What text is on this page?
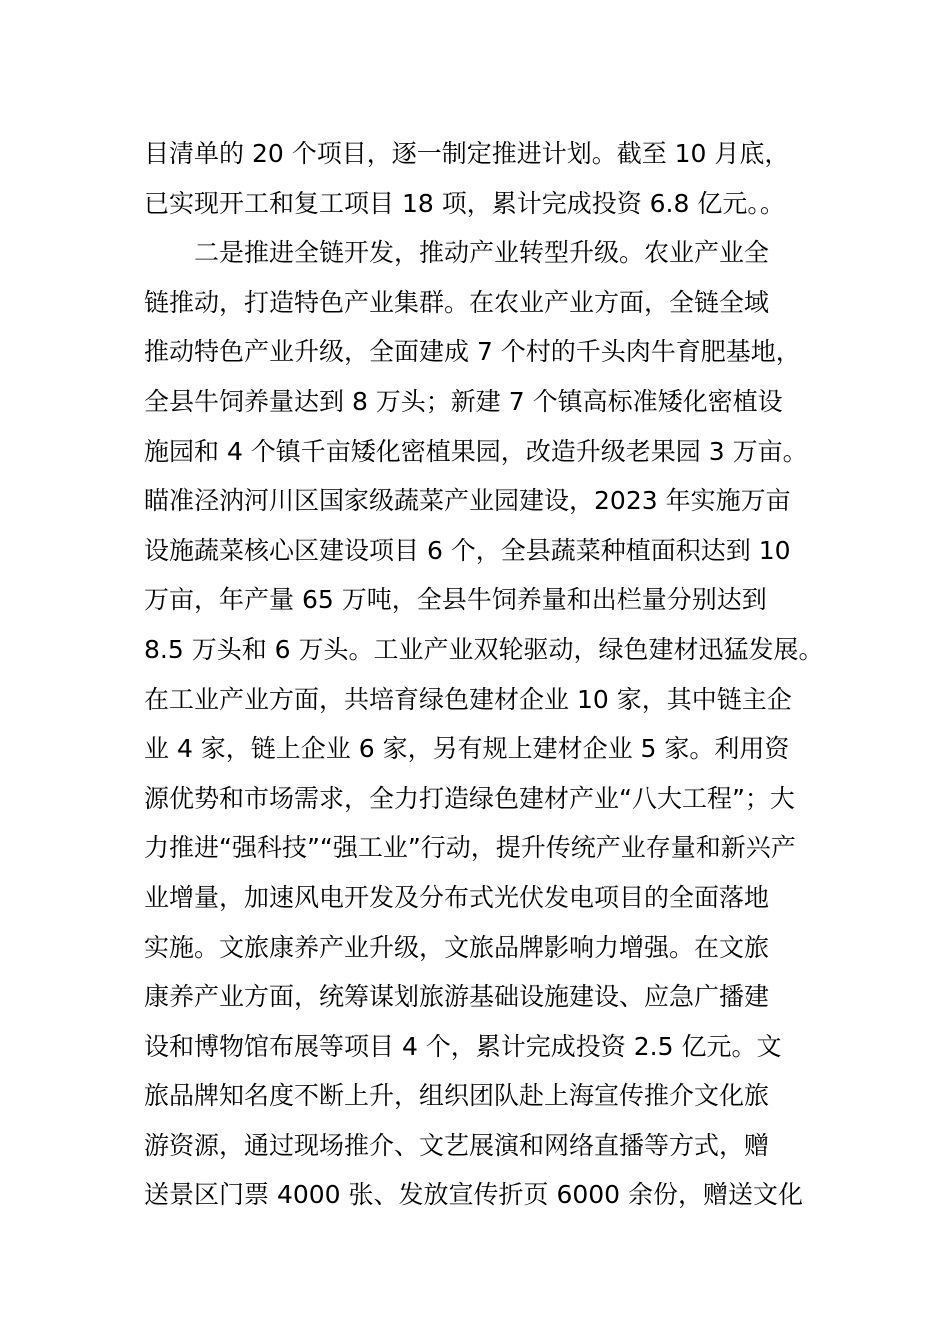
目清单的 20 个项目，逐一制定推进计划。截至 10 月底，
已实现开工和复工项目 18 项，累计完成投资 6.8 亿元。。
二是推进全链开发，推动产业转型升级。农业产业全
链推动，打造特色产业集群。在农业产业方面，全链全域
推动特色产业升级，全面建成 7 个村的千头肉牛育肥基地，
全县牛饲养量达到 8 万头；新建 7 个镇高标准矮化密植设
施园和 4 个镇千亩矮化密植果园，改造升级老果园 3 万亩。
瞄准泾汭河川区国家级蔬菜产业园建设，2023 年实施万亩
设施蔬菜核心区建设项目 6 个，全县蔬菜种植面积达到 10
万亩，年产量 65 万吨，全县牛饲养量和出栏量分别达到
8.5 万头和 6 万头。工业产业双轮驱动，绿色建材迅猛发展。
在工业产业方面，共培育绿色建材企业 10 家，其中链主企
业 4 家，链上企业 6 家，另有规上建材企业 5 家。利用资
源优势和市场需求，全力打造绿色建材产业“八大工程”；大
力推进“强科技”“强工业”行动，提升传统产业存量和新兴产
业增量，加速风电开发及分布式光伏发电项目的全面落地
实施。文旅康养产业升级，文旅品牌影响力增强。在文旅
康养产业方面，统筹谋划旅游基础设施建设、应急广播建
设和博物馆布展等项目 4 个，累计完成投资 2.5 亿元。文
旅品牌知名度不断上升，组织团队赴上海宣传推介文化旅
游资源，通过现场推介、文艺展演和网络直播等方式，赠
送景区门票 4000 张、发放宣传折页 6000 余份，赠送文化
